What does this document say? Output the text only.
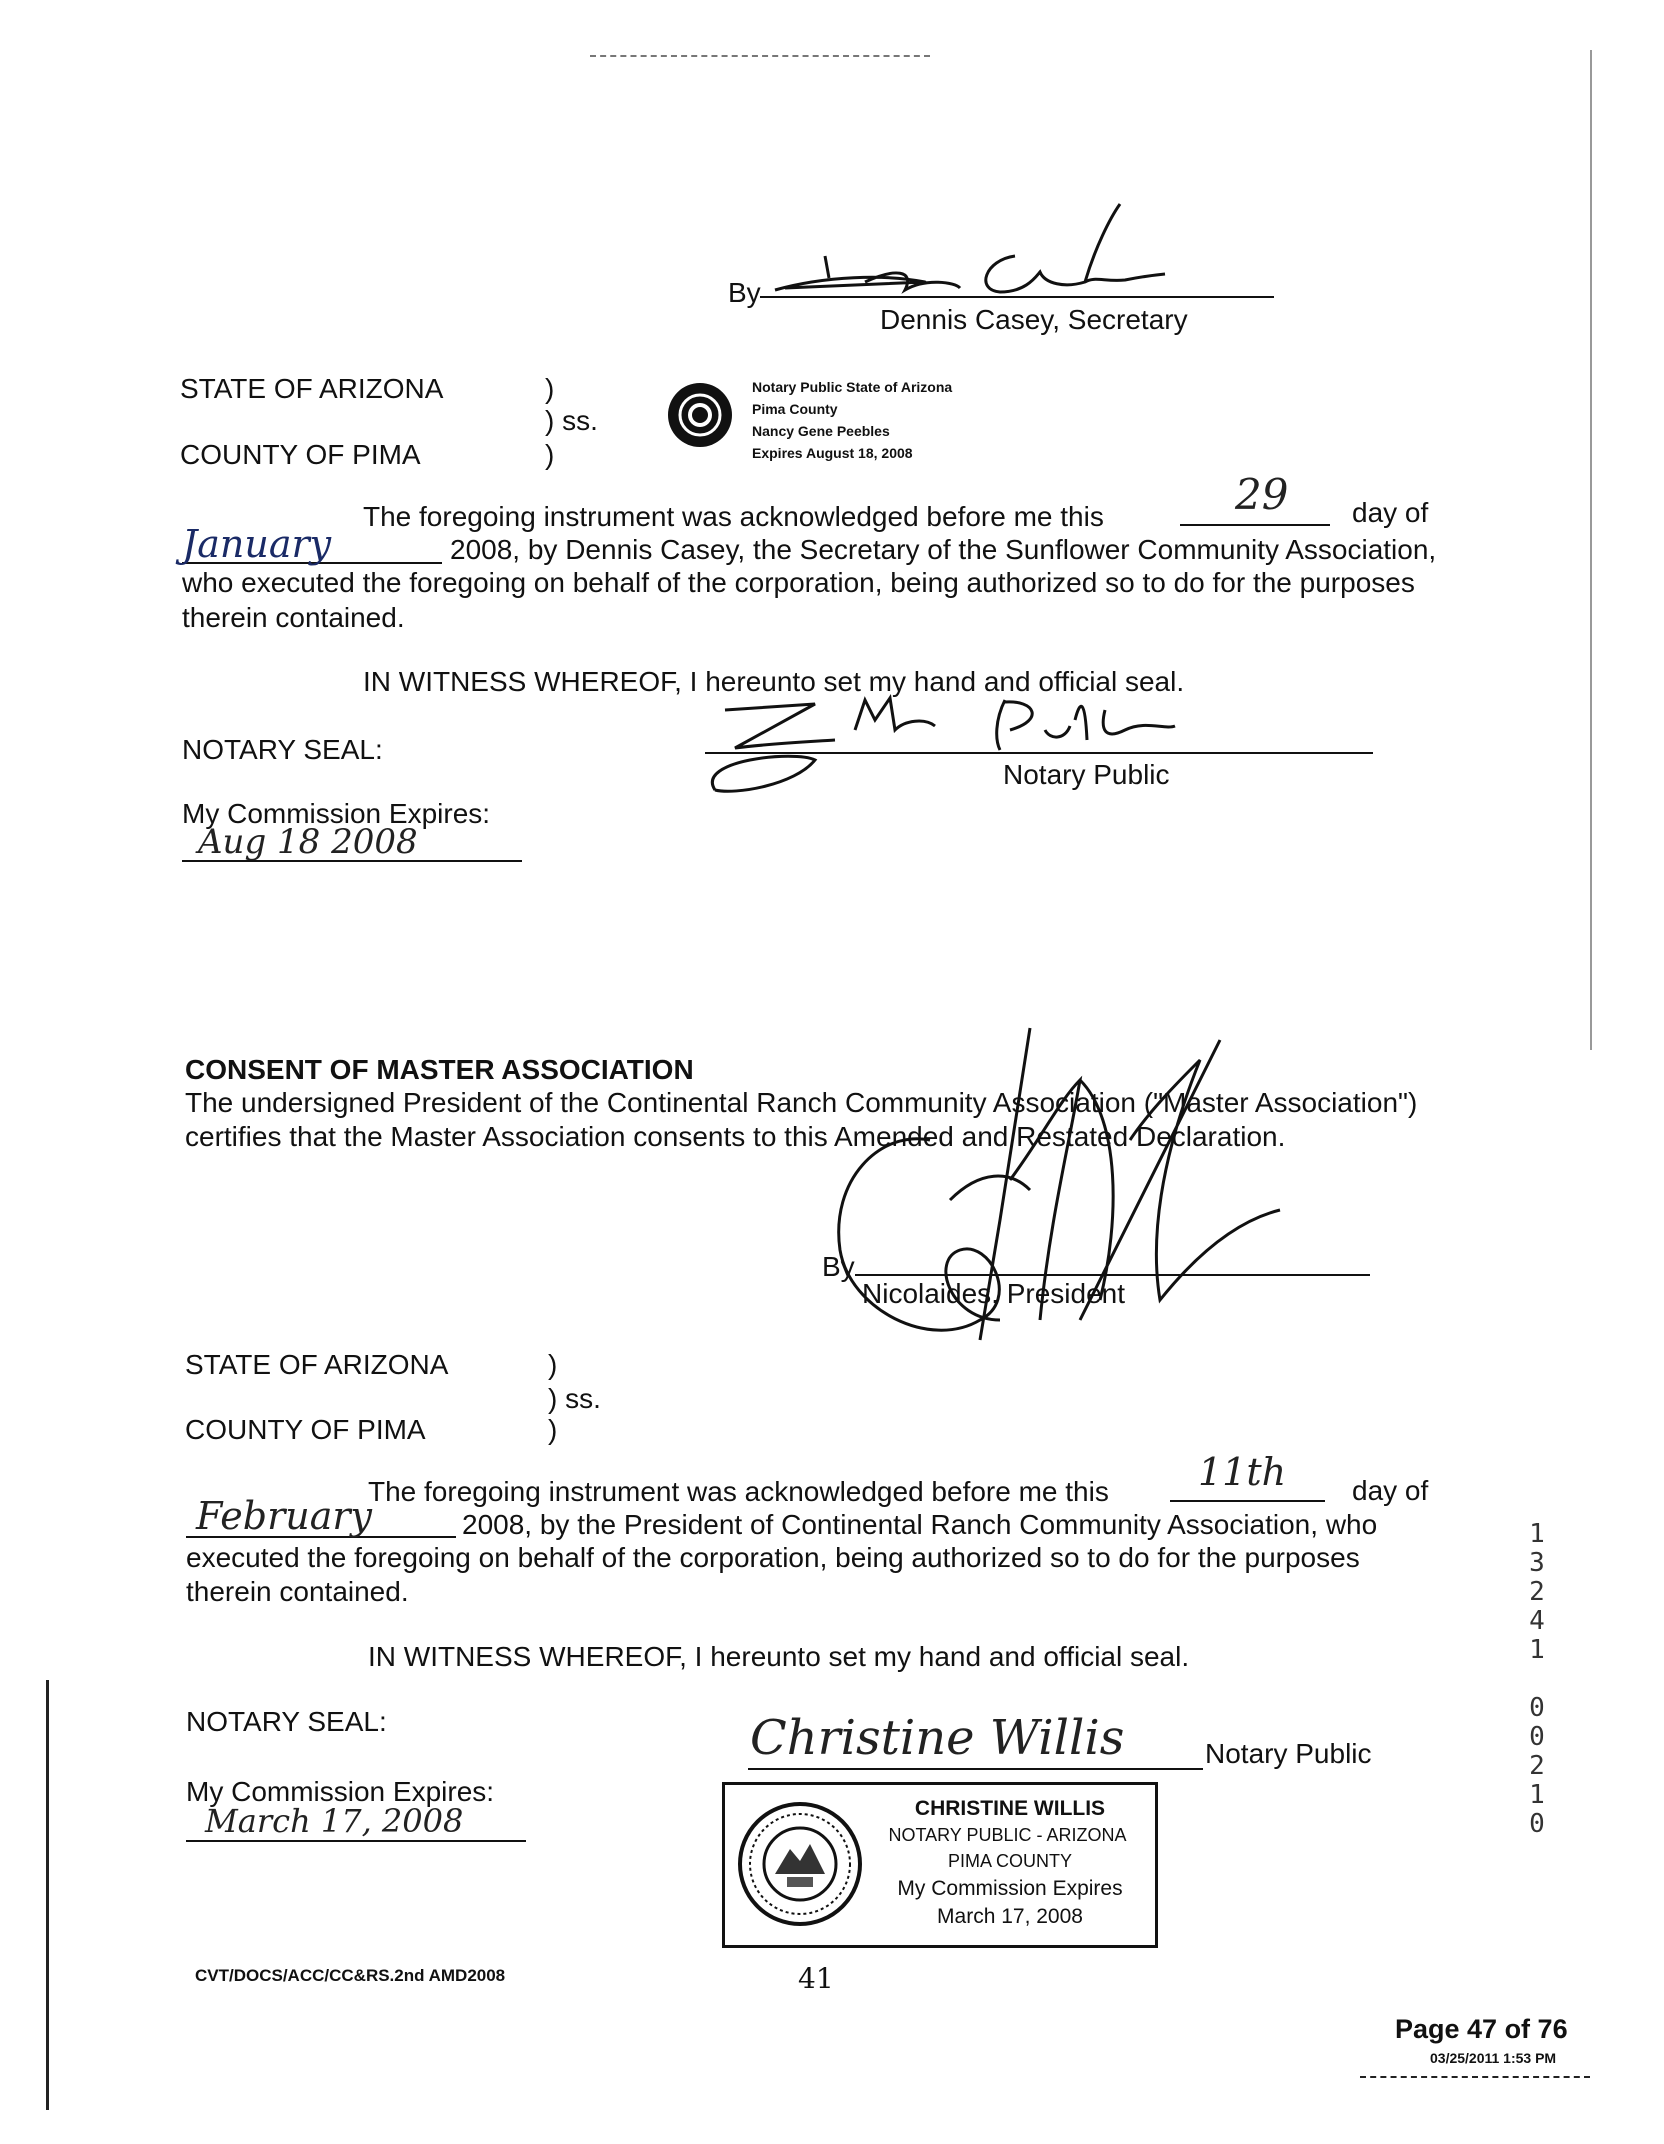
By
Dennis Casey, Secretary
STATE OF ARIZONA	)
) ss.
COUNTY OF PIMA	)
Notary Public State of Arizona
Pima County
Nancy Gene Peebles
Expires August 18, 2008
The foregoing instrument was acknowledged before me this	29 day of
January	2008, by Dennis Casey, the Secretary of the Sunflower Community Association,
who executed the foregoing on behalf of the corporation, being authorized so to do for the purposes
therein contained.
IN WITNESS WHEREOF, I hereunto set my hand and official seal.
NOTARY SEAL:
Notary Public
My Commission Expires:
Aug 18 2008
CONSENT OF MASTER ASSOCIATION
The undersigned President of the Continental Ranch Community Association ("Master Association")
certifies that the Master Association consents to this Amended and Restated Declaration.
By
Nicolaides, President
STATE OF ARIZONA	)
) ss.
COUNTY OF PIMA	)
The foregoing instrument was acknowledged before me this 11th day of
February	2008, by the President of Continental Ranch Community Association, who
executed the foregoing on behalf of the corporation, being authorized so to do for the purposes
therein contained.
IN WITNESS WHEREOF, I hereunto set my hand and official seal.
NOTARY SEAL:	Christine Willis	Notary Public
My Commission Expires:
March 17, 2008	CHRISTINE WILLIS
NOTARY PUBLIC - ARIZONA
PIMA COUNTY
My Commission Expires
March 17, 2008
1
3
2
4
1
0
0
2
1
0
CVT/DOCS/ACC/CC&RS.2nd AMD2008	41
Page 47 of 76
03/25/2011 1:53 PM
